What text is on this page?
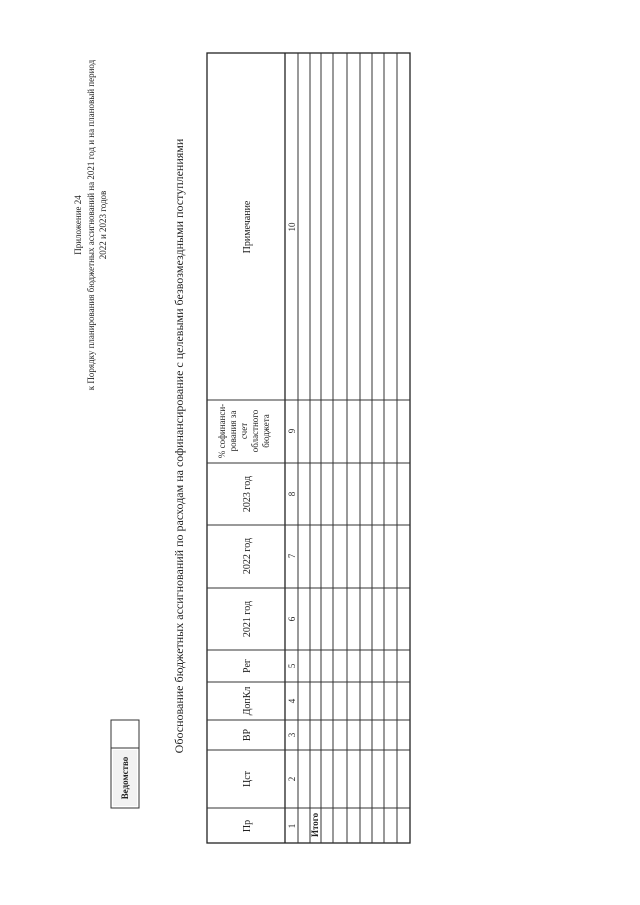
Приложение 24 к Порядку планирования бюджетных ассигнований на 2021 год и на плановый период 2022 и 2023 годов
Ведомство
Обоснование бюджетных ассигнований по расходам на софинансирование с целевыми безвозмездными поступлениями
Пр
Цст
ВР
ДопКл
Рег
2021 год
2022 год
2023 год
% софинанси-рования засчетобластногобюджета
Примечание
1
2
3
4
5
6
7
8
9
10
Итого
